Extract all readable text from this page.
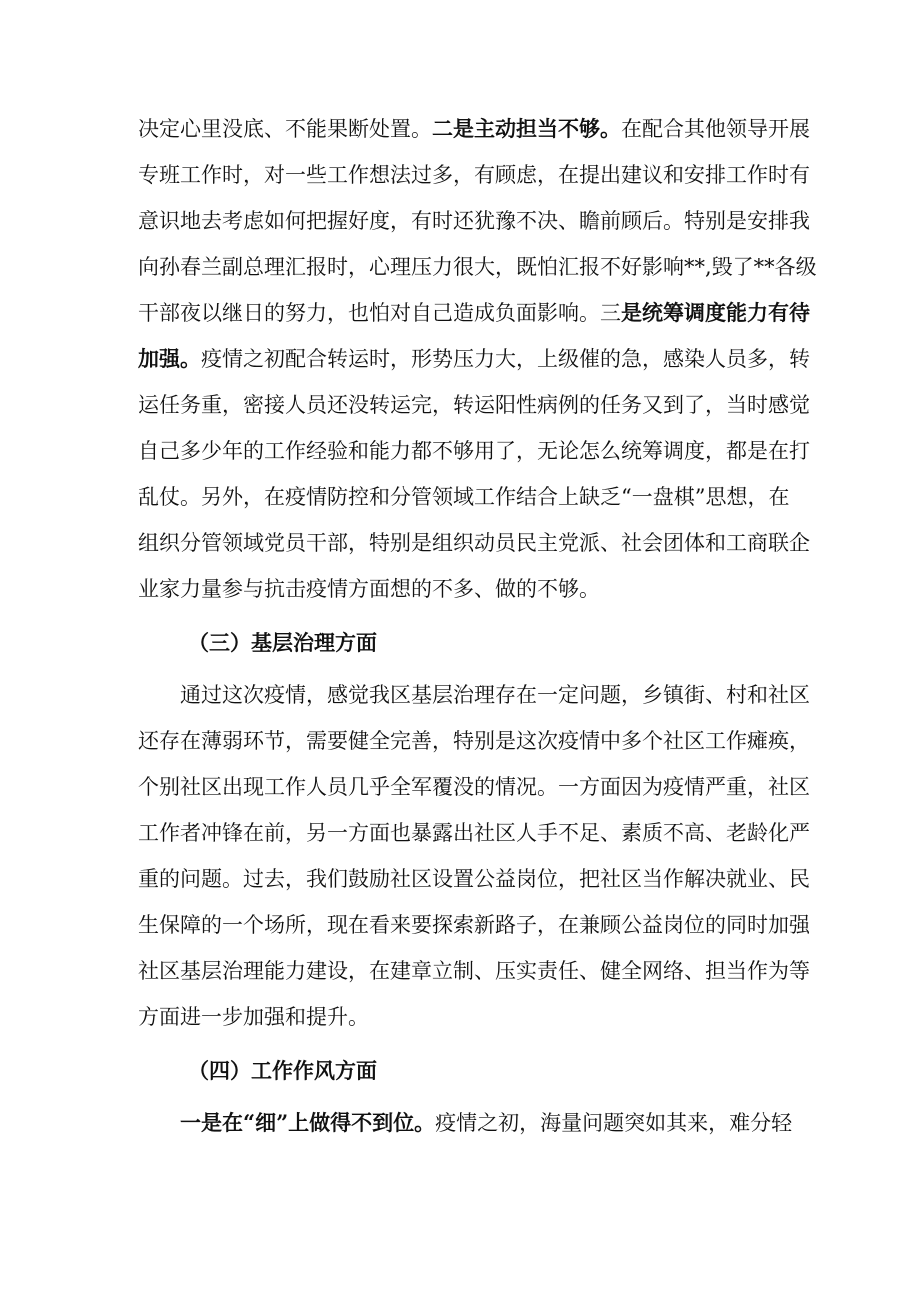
决定心里没底、不能果断处置。二是主动担当不够。在配合其他领导开展
专班工作时，对一些工作想法过多，有顾虑，在提出建议和安排工作时有
意识地去考虑如何把握好度，有时还犹豫不决、瞻前顾后。特别是安排我
向孙春兰副总理汇报时，心理压力很大，既怕汇报不好影响**,毁了**各级
干部夜以继日的努力，也怕对自己造成负面影响。三是统筹调度能力有待
加强。疫情之初配合转运时，形势压力大，上级催的急，感染人员多，转
运任务重，密接人员还没转运完，转运阳性病例的任务又到了，当时感觉
自己多少年的工作经验和能力都不够用了，无论怎么统筹调度，都是在打
乱仗。另外，在疫情防控和分管领域工作结合上缺乏“一盘棋”思想，在
组织分管领域党员干部，特别是组织动员民主党派、社会团体和工商联企
业家力量参与抗击疫情方面想的不多、做的不够。
（三）基层治理方面
通过这次疫情，感觉我区基层治理存在一定问题，乡镇街、村和社区
还存在薄弱环节，需要健全完善，特别是这次疫情中多个社区工作瘫痪，
个别社区出现工作人员几乎全军覆没的情况。一方面因为疫情严重，社区
工作者冲锋在前，另一方面也暴露出社区人手不足、素质不高、老龄化严
重的问题。过去，我们鼓励社区设置公益岗位，把社区当作解决就业、民
生保障的一个场所，现在看来要探索新路子，在兼顾公益岗位的同时加强
社区基层治理能力建设，在建章立制、压实责任、健全网络、担当作为等
方面进一步加强和提升。
（四）工作作风方面
一是在“细”上做得不到位。疫情之初，海量问题突如其来，难分轻
